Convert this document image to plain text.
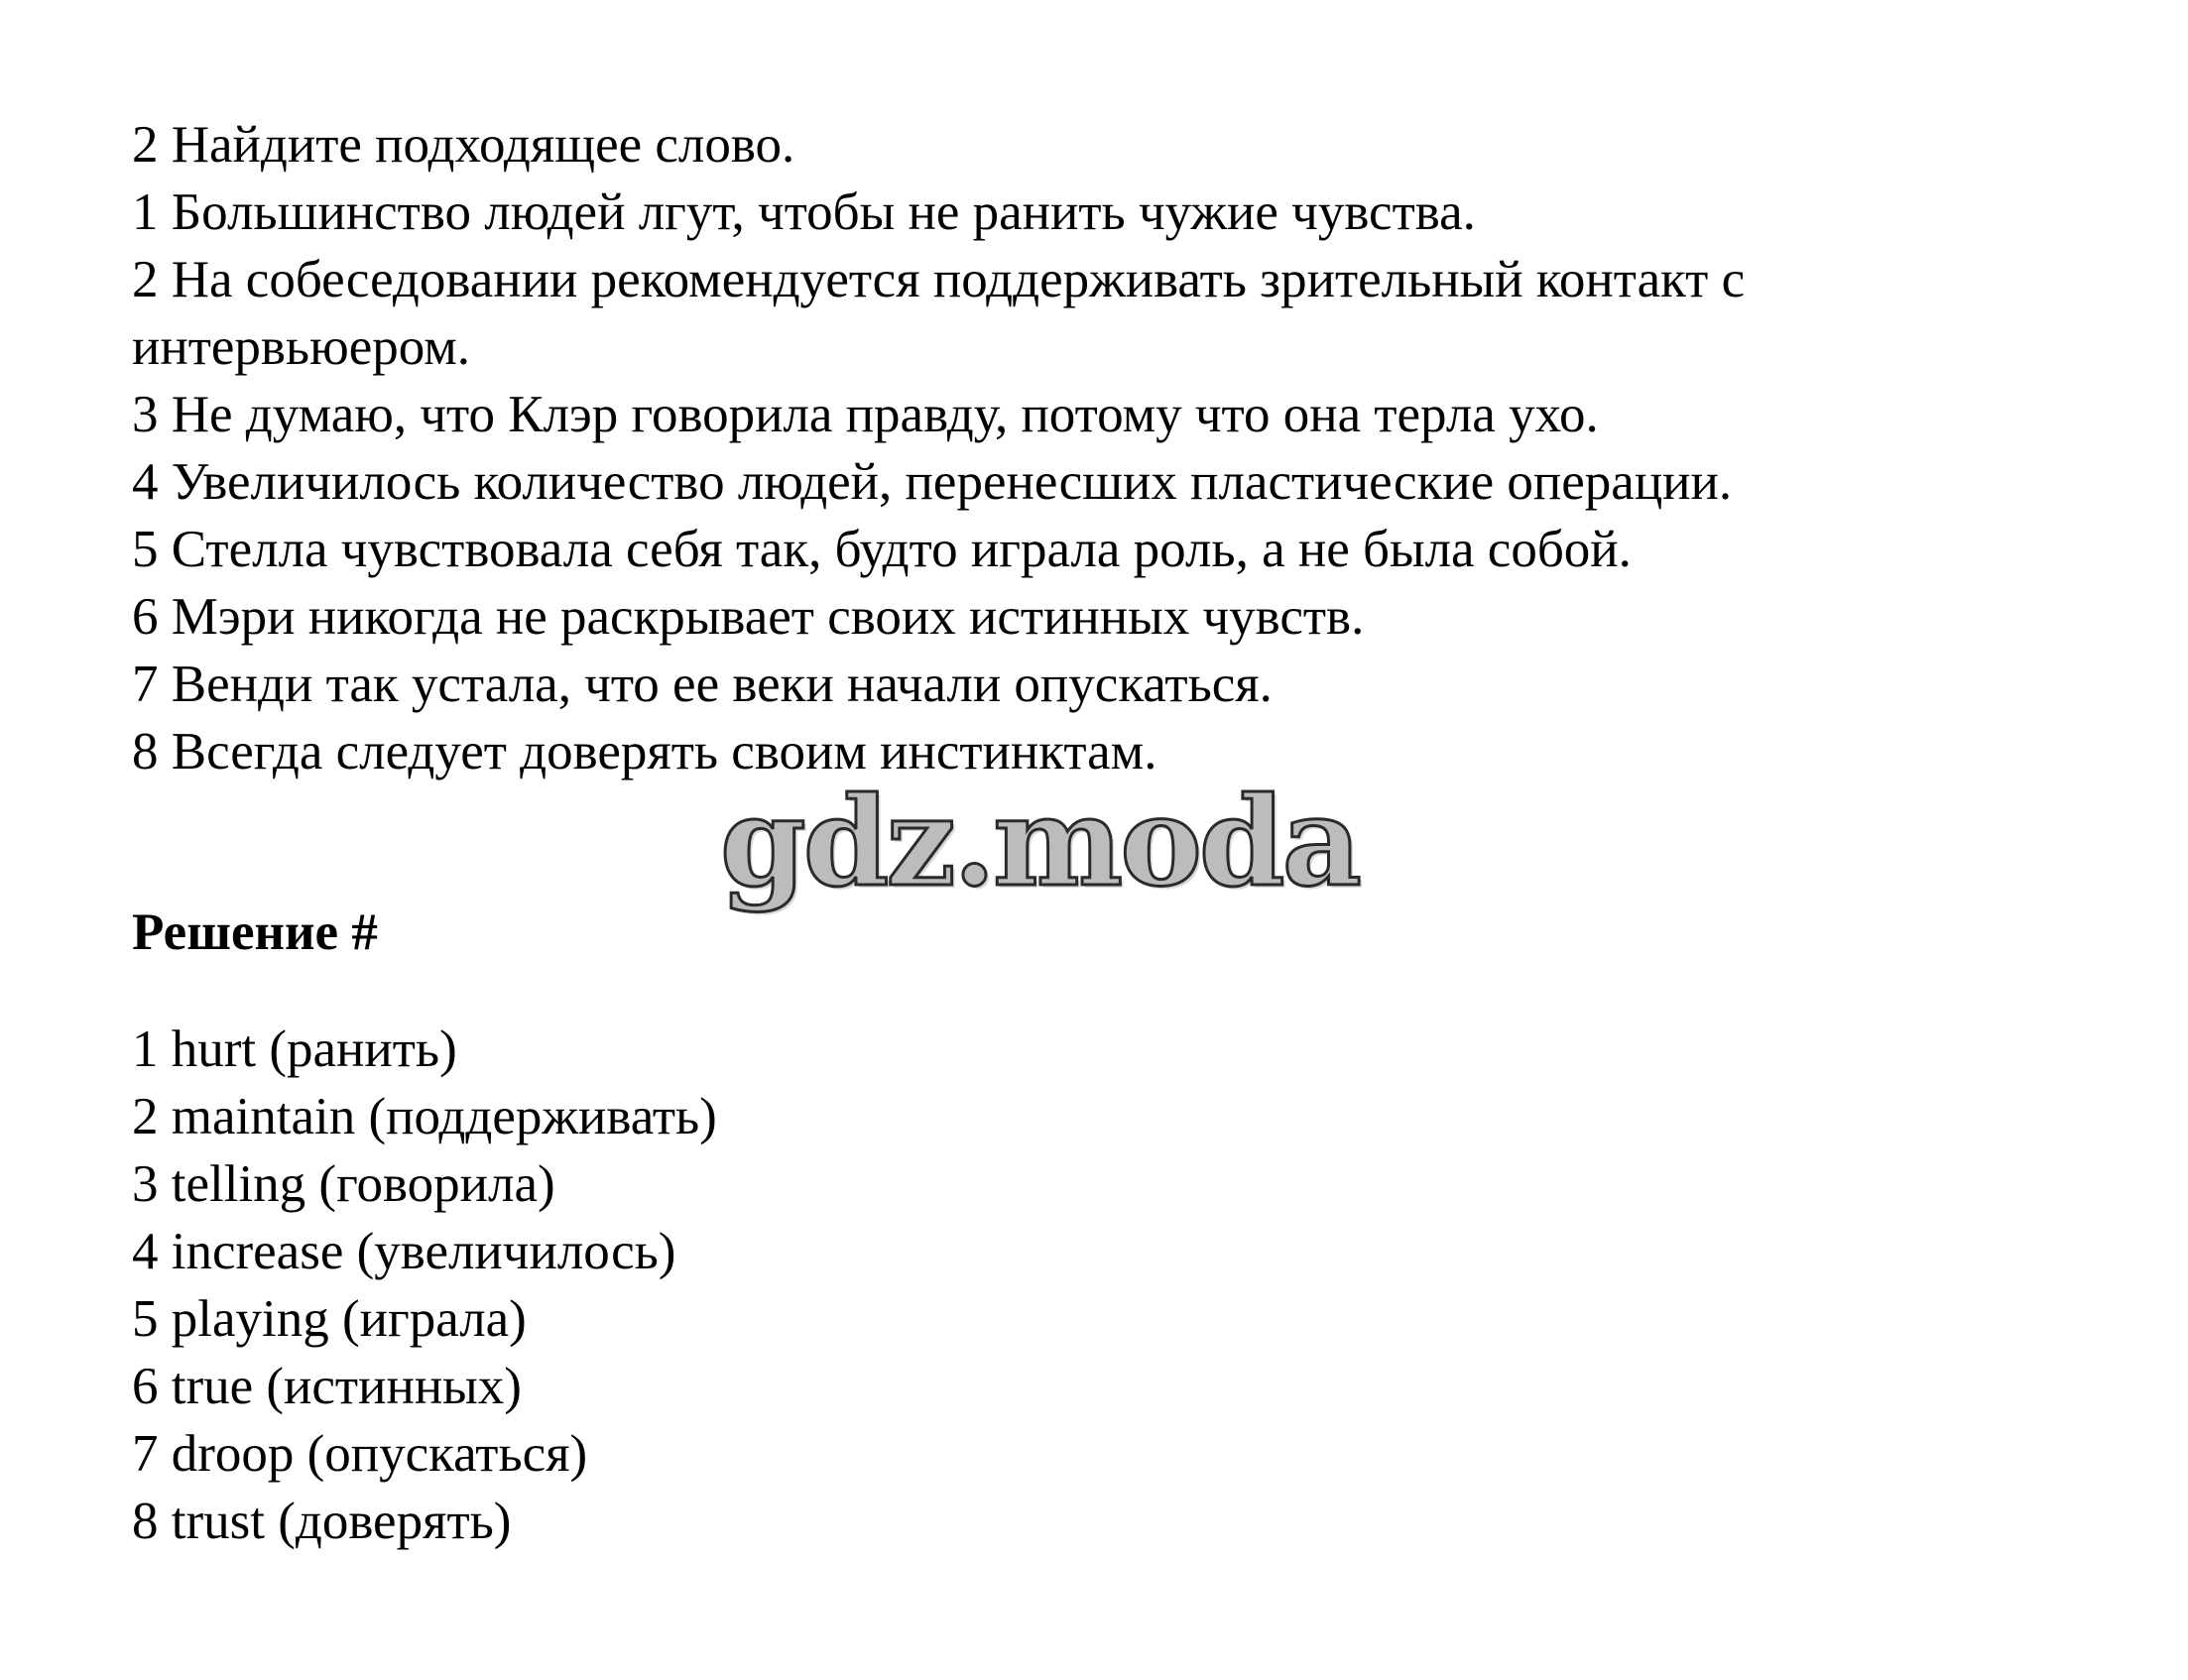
2 Найдите подходящее слово.

1 Большинство людей лгут, чтобы не ранить чужие чувства.

2 На собеседовании рекомендуется поддерживать зрительный контакт с

интервьюером.

3 Не думаю, что Клэр говорила правду, потому что она терла ухо.

4 Увеличилось количество людей, перенесших пластические операции.

5 Стелла чувствовала себя так, будто играла роль, а не была собой.

6 Мэри никогда не раскрывает своих истинных чувств.

7 Венди так устала, что ее веки начали опускаться.

8 Всегда следует доверять своим инстинктам.

gdz.moda
Решение #

1 hurt (ранить)

2 maintain (поддерживать)

3 telling (говорила)

4 increase (увеличилось)

5 playing (играла)

6 true (истинных)

7 droop (опускаться)

8 trust (доверять)
